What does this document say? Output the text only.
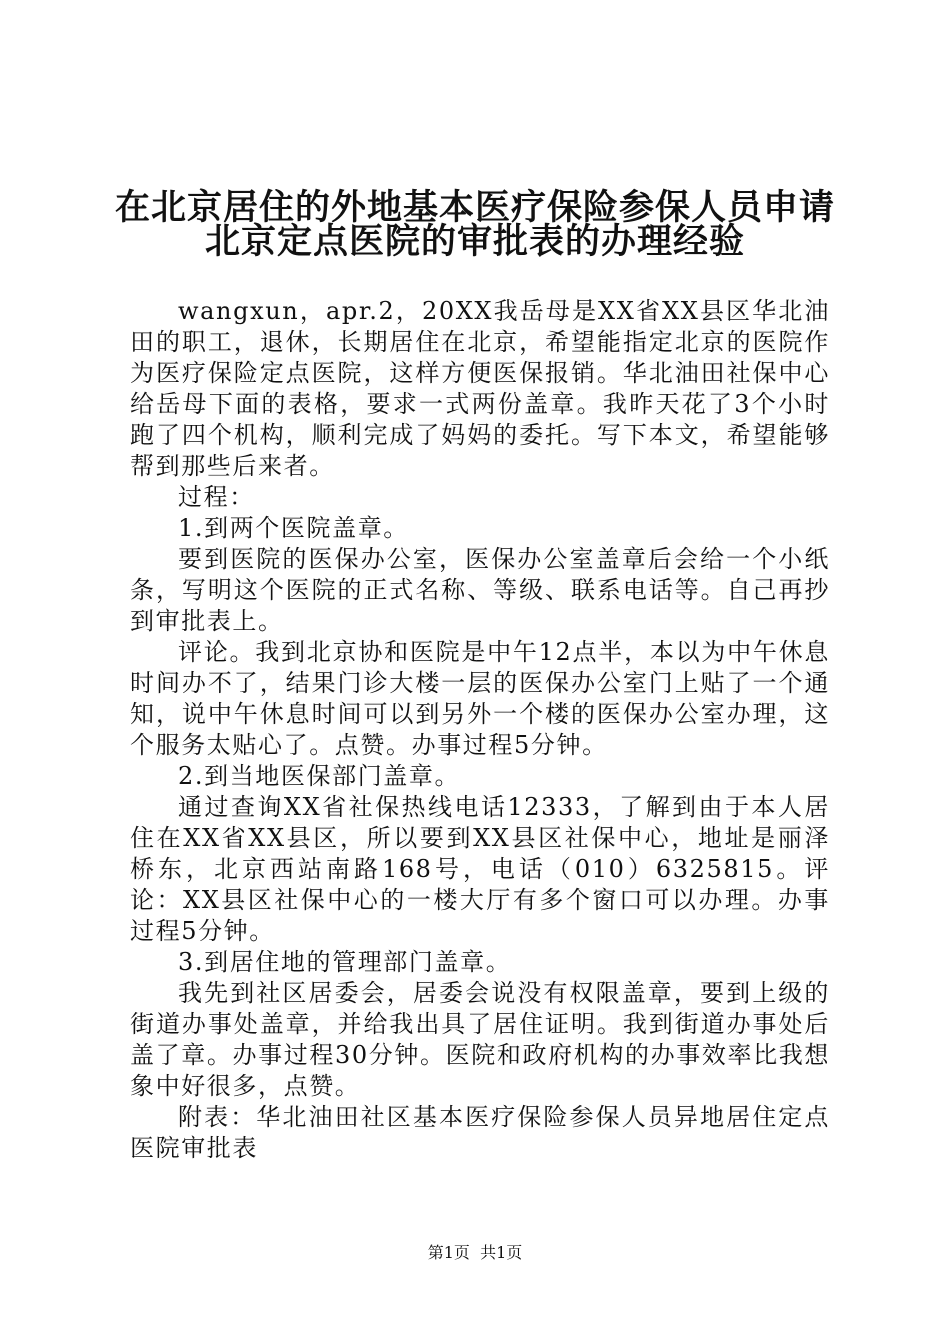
在北京居住的外地基本医疗保险参保人员申请
北京定点医院的审批表的办理经验

wangxun，apr.2，20XX我岳母是XX省XX县区华北油田的职工，退休，长期居住在北京，希望能指定北京的医院作为医疗保险定点医院，这样方便医保报销。华北油田社保中心给岳母下面的表格，要求一式两份盖章。我昨天花了3个小时跑了四个机构，顺利完成了妈妈的委托。写下本文，希望能够帮到那些后来者。

过程：

1.到两个医院盖章。

要到医院的医保办公室，医保办公室盖章后会给一个小纸条，写明这个医院的正式名称、等级、联系电话等。自己再抄到审批表上。

评论。我到北京协和医院是中午12点半，本以为中午休息时间办不了，结果门诊大楼一层的医保办公室门上贴了一个通知，说中午休息时间可以到另外一个楼的医保办公室办理，这个服务太贴心了。点赞。办事过程5分钟。

2.到当地医保部门盖章。

通过查询XX省社保热线电话12333，了解到由于本人居住在XX省XX县区，所以要到XX县区社保中心，地址是丽泽桥东，北京西站南路168号，电话（010）6325815。评论：XX县区社保中心的一楼大厅有多个窗口可以办理。办事过程5分钟。

3.到居住地的管理部门盖章。

我先到社区居委会，居委会说没有权限盖章，要到上级的街道办事处盖章，并给我出具了居住证明。我到街道办事处后盖了章。办事过程30分钟。医院和政府机构的办事效率比我想象中好很多，点赞。

附表：华北油田社区基本医疗保险参保人员异地居住定点医院审批表

第1页  共1页
